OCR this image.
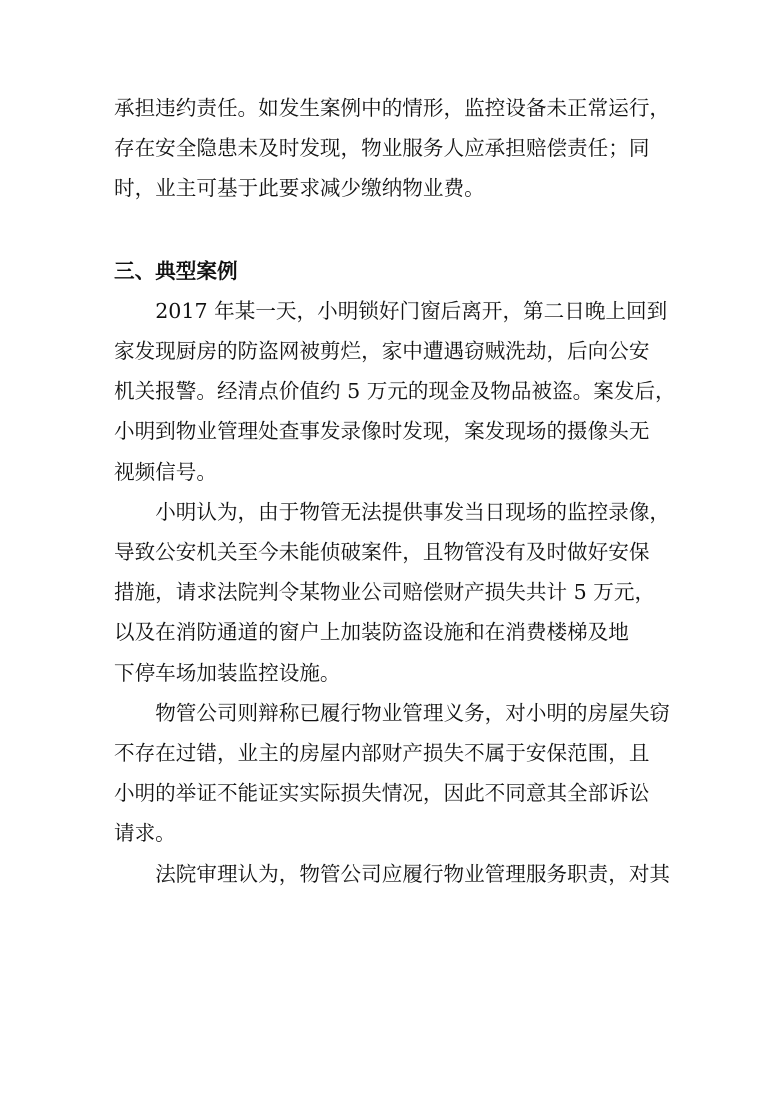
承担违约责任。如发生案例中的情形，监控设备未正常运行，
存在安全隐患未及时发现，物业服务人应承担赔偿责任；同
时，业主可基于此要求减少缴纳物业费。
三、典型案例
2017 年某一天，小明锁好门窗后离开，第二日晚上回到
家发现厨房的防盗网被剪烂，家中遭遇窃贼洗劫，后向公安
机关报警。经清点价值约 5 万元的现金及物品被盗。案发后，
小明到物业管理处查事发录像时发现，案发现场的摄像头无
视频信号。
小明认为，由于物管无法提供事发当日现场的监控录像，
导致公安机关至今未能侦破案件，且物管没有及时做好安保
措施，请求法院判令某物业公司赔偿财产损失共计 5 万元，
以及在消防通道的窗户上加装防盗设施和在消费楼梯及地
下停车场加装监控设施。
物管公司则辩称已履行物业管理义务，对小明的房屋失窃
不存在过错，业主的房屋内部财产损失不属于安保范围，且
小明的举证不能证实实际损失情况，因此不同意其全部诉讼
请求。
法院审理认为，物管公司应履行物业管理服务职责，对其
